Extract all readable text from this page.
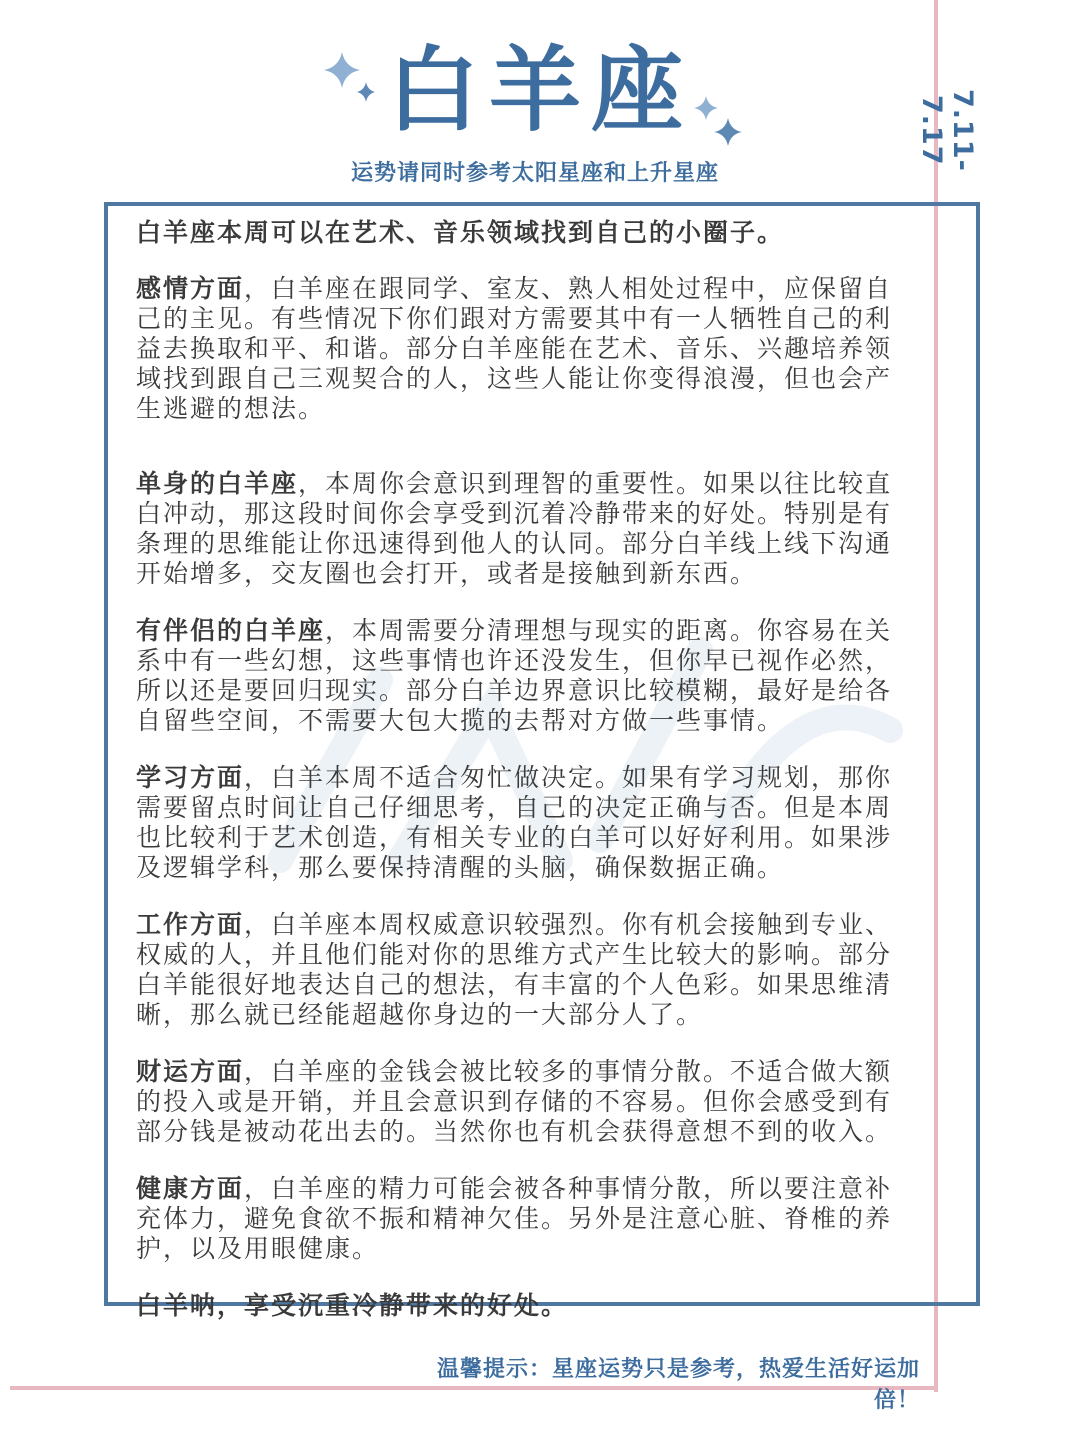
7.11-7.17
白羊座
运势请同时参考太阳星座和上升星座

白羊座本周可以在艺术、音乐领域找到自己的小圈子。

感情方面，白羊座在跟同学、室友、熟人相处过程中，应保留自己的主见。有些情况下你们跟对方需要其中有一人牺牲自己的利益去换取和平、和谐。部分白羊座能在艺术、音乐、兴趣培养领域找到跟自己三观契合的人，这些人能让你变得浪漫，但也会产生逃避的想法。

单身的白羊座，本周你会意识到理智的重要性。如果以往比较直白冲动，那这段时间你会享受到沉着冷静带来的好处。特别是有条理的思维能让你迅速得到他人的认同。部分白羊线上线下沟通开始增多，交友圈也会打开，或者是接触到新东西。

有伴侣的白羊座，本周需要分清理想与现实的距离。你容易在关系中有一些幻想，这些事情也许还没发生，但你早已视作必然，所以还是要回归现实。部分白羊边界意识比较模糊，最好是给各自留些空间，不需要大包大揽的去帮对方做一些事情。

学习方面，白羊本周不适合匆忙做决定。如果有学习规划，那你需要留点时间让自己仔细思考，自己的决定正确与否。但是本周也比较利于艺术创造，有相关专业的白羊可以好好利用。如果涉及逻辑学科，那么要保持清醒的头脑，确保数据正确。

工作方面，白羊座本周权威意识较强烈。你有机会接触到专业、权威的人，并且他们能对你的思维方式产生比较大的影响。部分白羊能很好地表达自己的想法，有丰富的个人色彩。如果思维清晰，那么就已经能超越你身边的一大部分人了。

财运方面，白羊座的金钱会被比较多的事情分散。不适合做大额的投入或是开销，并且会意识到存储的不容易。但你会感受到有部分钱是被动花出去的。当然你也有机会获得意想不到的收入。

健康方面，白羊座的精力可能会被各种事情分散，所以要注意补充体力，避免食欲不振和精神欠佳。另外是注意心脏、脊椎的养护，以及用眼健康。

白羊呐，享受沉重冷静带来的好处。

温馨提示：星座运势只是参考，热爱生活好运加倍！
